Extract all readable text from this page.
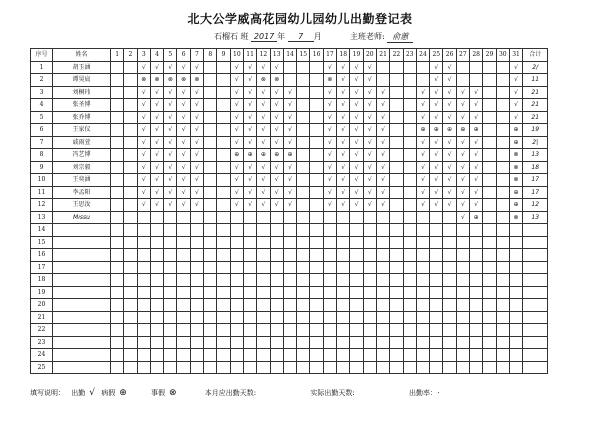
北大公学威高花园幼儿园幼儿出勤登记表
石榴石 班 2017 年 7 月	主班老师: 俞蕙
序号	姓名	1	2	3	4	5	6	7	8	9	10	11	12	13	14	15	16	17	18	19	20	21	22	23	24	25	26	27	28	29	30	31	合计
1	胡玉涵			√	√	√	√	√			√	√	√	√				√	√	√	√					√	√					√	2/
2	谭昊宸			⊗	⊗	⊗	⊗	⊗			√	√	⊗	⊗				⊗	√	√	√					√	√					√	11
3	刘桐玮			√	√	√	√	√			√	√	√	√	√			√	√	√	√	√			√	√	√	√	√			√	21
4	张圣博			√	√	√	√	√			√	√	√	√	√			√	√	√	√	√			√	√	√	√	√			√	21
5	张乔博			√	√	√	√	√			√	√	√	√	√			√	√	√	√	√			√	√	√	√	√			√	21
6	王家仪			√	√	√	√	√			√	√	√	√	√			√	√	√	√	√			⊕	⊕	⊕	⊕	⊕			⊕	19
7	戚雨萱			√	√	√	√	√			√	√	√	√	√			√	√	√	√	√			√	√	√	√	√			⊕	2|
8	冯艺博			√	√	√	√	√			⊕	⊕	⊕	⊕	⊕			√	√	√	√	√			√	√	√	√	√			⊗	13
9	刘宗毅			√	√	√	√	√			√	√	√	√	√			√	√	√	√	√			√	√	√	√	√			⊗	18
10	王奕涵			√	√	√	√	√			√	√	√	√	√			√	√	√	√	√			√	√	√	√	√			⊗	17
11	李孟阳			√	√	√	√	√			√	√	√	√	√			√	√	√	√	√			√	√	√	√	√			⊕	17
12	王思汝			√	√	√	√	√			√	√	√	√	√			√	√	√	√	√			√	√	√	√	√			⊕	12
13	Mıssu																											√	⊕			⊗	13
14																																	
15																																	
16																																	
17																																	
18																																	
19																																	
20																																	
21																																	
22																																	
23																																	
24																																	
25																																	
填写说明： 出勤 √ 病假 ⊕	事假 ⊗	本月应出勤天数:	实际出勤天数:	出勤率： ·
